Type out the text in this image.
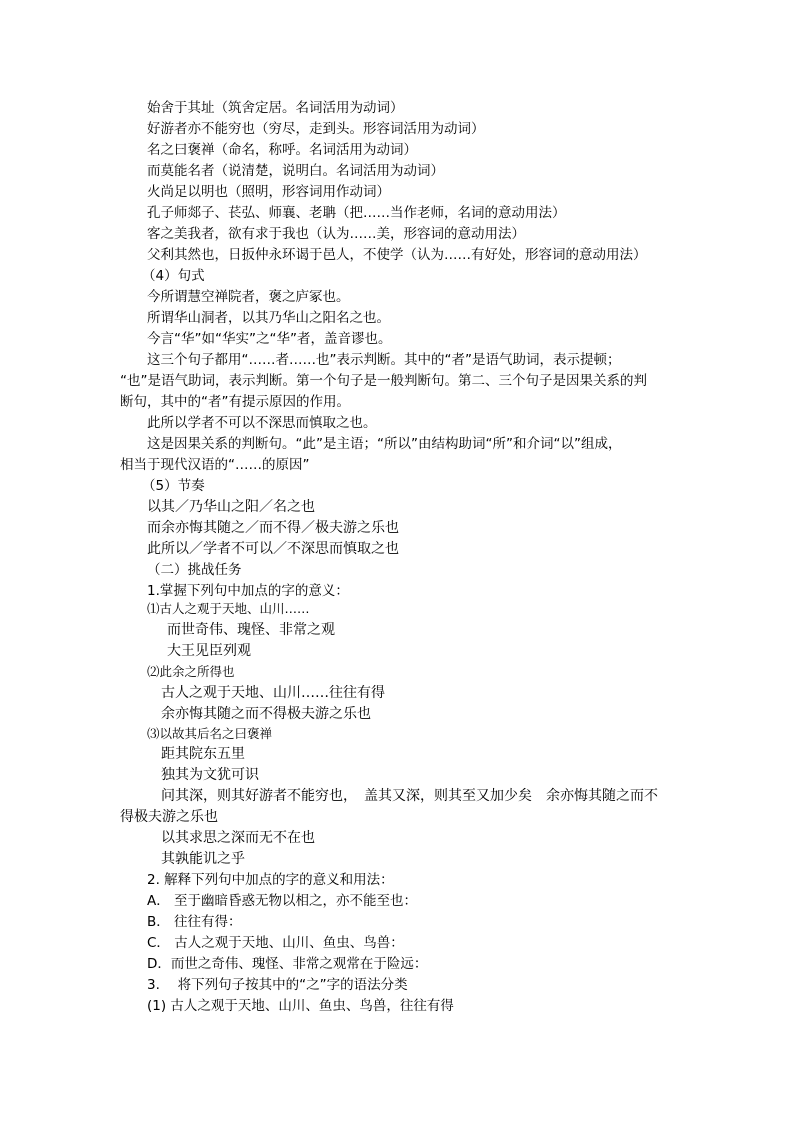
始舍于其址（筑舍定居。名词活用为动词）
好游者亦不能穷也（穷尽，走到头。形容词活用为动词）
名之曰褒禅（命名，称呼。名词活用为动词）
而莫能名者（说清楚，说明白。名词活用为动词）
火尚足以明也（照明，形容词用作动词）
孔子师郯子、苌弘、师襄、老聃（把……当作老师，名词的意动用法）
客之美我者，欲有求于我也（认为……美，形容词的意动用法）
父利其然也，日扳仲永环谒于邑人，不使学（认为……有好处，形容词的意动用法）
（4）句式
今所谓慧空禅院者，褒之庐冢也。
所谓华山洞者，以其乃华山之阳名之也。
今言“华”如“华实”之“华”者，盖音谬也。
这三个句子都用“……者……也”表示判断。其中的“者”是语气助词，表示提顿；
“也”是语气助词，表示判断。第一个句子是一般判断句。第二、三个句子是因果关系的判
断句，其中的“者”有提示原因的作用。
此所以学者不可以不深思而慎取之也。
这是因果关系的判断句。“此”是主语；“所以”由结构助词“所”和介词“以”组成，
相当于现代汉语的“……的原因”
（5）节奏
以其／乃华山之阳／名之也
而余亦悔其随之／而不得／极夫游之乐也
此所以／学者不可以／不深思而慎取之也
（二）挑战任务
1.掌握下列句中加点的字的意义：
⑴古人之观于天地、山川……
而世奇伟、瑰怪、非常之观
大王见臣列观
⑵此余之所得也
古人之观于天地、山川……往往有得
余亦悔其随之而不得极夫游之乐也
⑶以故其后名之曰褒禅
距其院东五里
独其为文犹可识
问其深，则其好游者不能穷也，　盖其又深，则其至又加少矣　余亦悔其随之而不
得极夫游之乐也
以其求思之深而无不在也
其孰能讥之乎
2. 解释下列句中加点的字的意义和用法：
A． 至于幽暗昏惑无物以相之，亦不能至也：
B． 往往有得：
C． 古人之观于天地、山川、鱼虫、鸟兽：
D．而世之奇伟、瑰怪、非常之观常在于险远：
3.　 将下列句子按其中的“之”字的语法分类
(1) 古人之观于天地、山川、鱼虫、鸟兽，往往有得
